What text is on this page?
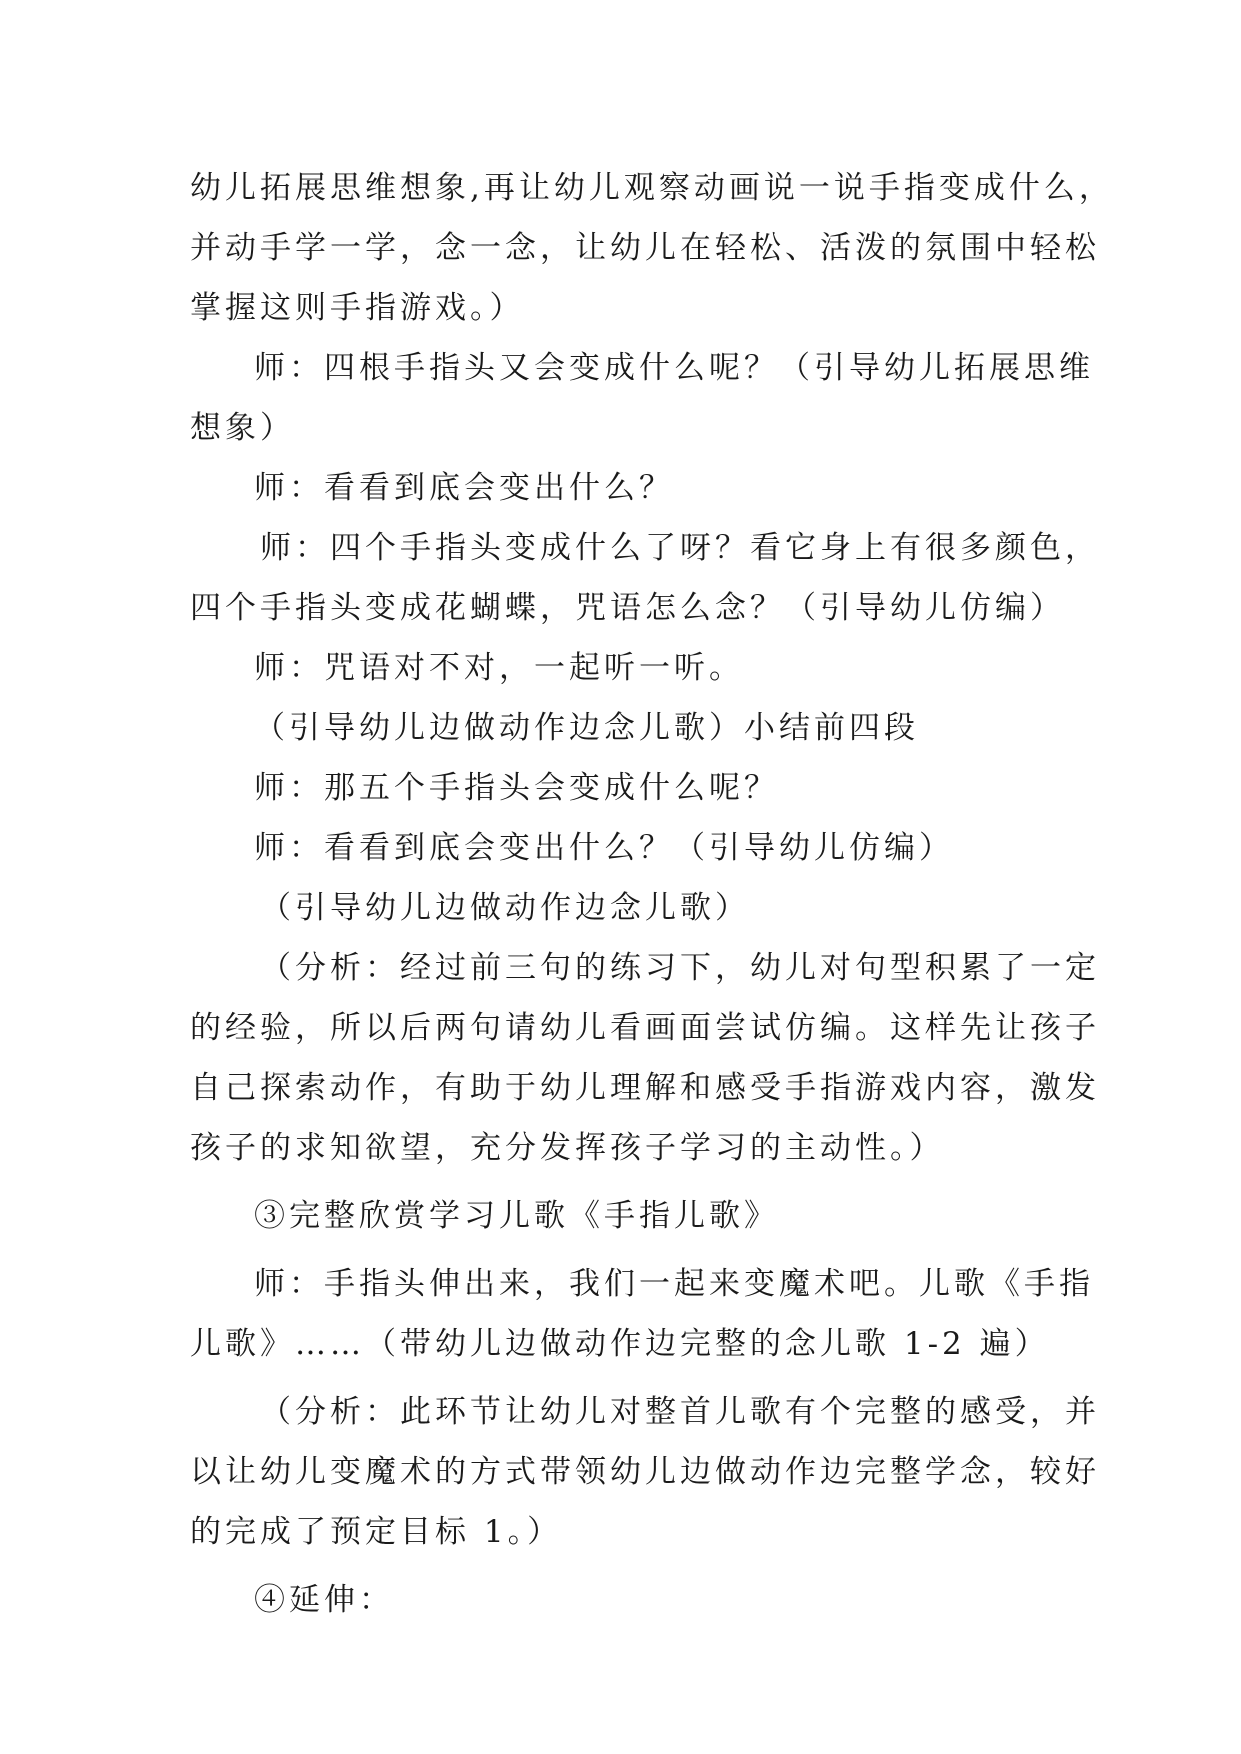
幼儿拓展思维想象,再让幼儿观察动画说一说手指变成什么，
并动手学一学，念一念，让幼儿在轻松、活泼的氛围中轻松
掌握这则手指游戏。）
师：四根手指头又会变成什么呢？（引导幼儿拓展思维
想象）
师：看看到底会变出什么？
师：四个手指头变成什么了呀？看它身上有很多颜色，
四个手指头变成花蝴蝶，咒语怎么念？（引导幼儿仿编）
师：咒语对不对，一起听一听。
（引导幼儿边做动作边念儿歌）小结前四段
师：那五个手指头会变成什么呢？
师：看看到底会变出什么？（引导幼儿仿编）
（引导幼儿边做动作边念儿歌）
（分析：经过前三句的练习下，幼儿对句型积累了一定
的经验，所以后两句请幼儿看画面尝试仿编。这样先让孩子
自己探索动作，有助于幼儿理解和感受手指游戏内容，激发
孩子的求知欲望，充分发挥孩子学习的主动性。）
③完整欣赏学习儿歌《手指儿歌》
师：手指头伸出来，我们一起来变魔术吧。儿歌《手指
儿歌》……（带幼儿边做动作边完整的念儿歌 1-2 遍）
（分析：此环节让幼儿对整首儿歌有个完整的感受，并
以让幼儿变魔术的方式带领幼儿边做动作边完整学念，较好
的完成了预定目标 1。）
④延伸：
